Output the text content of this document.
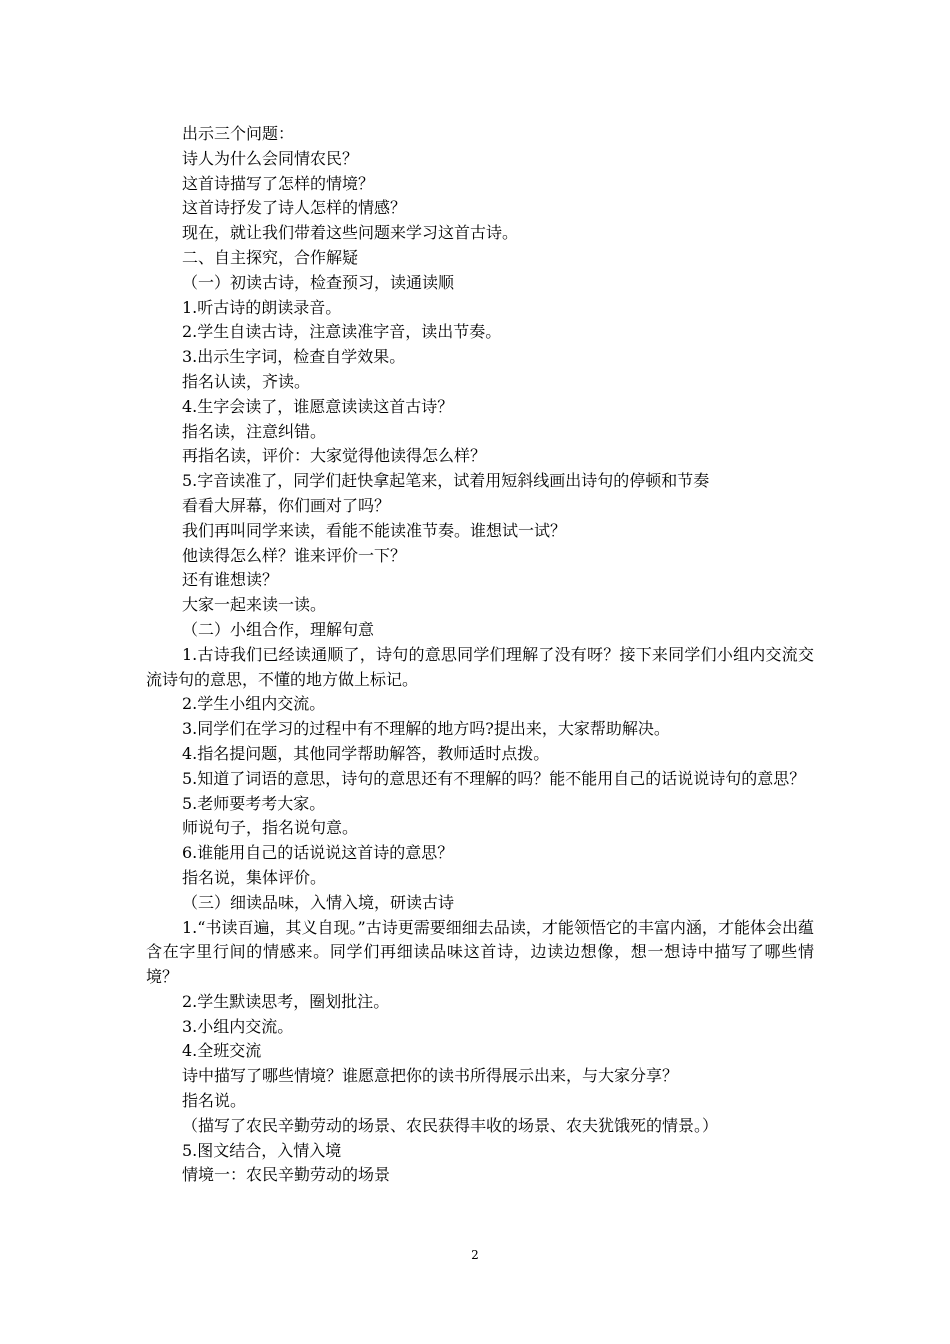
出示三个问题：
诗人为什么会同情农民？
这首诗描写了怎样的情境？
这首诗抒发了诗人怎样的情感？
现在，就让我们带着这些问题来学习这首古诗。
二、自主探究，合作解疑
（一）初读古诗，检查预习，读通读顺
1.听古诗的朗读录音。
2.学生自读古诗，注意读准字音，读出节奏。
3.出示生字词，检查自学效果。
指名认读，齐读。
4.生字会读了，谁愿意读读这首古诗？
指名读，注意纠错。
再指名读，评价：大家觉得他读得怎么样？
5.字音读准了，同学们赶快拿起笔来，试着用短斜线画出诗句的停顿和节奏
看看大屏幕，你们画对了吗？
我们再叫同学来读，看能不能读准节奏。谁想试一试？
他读得怎么样？谁来评价一下？
还有谁想读？
大家一起来读一读。
（二）小组合作，理解句意
1.古诗我们已经读通顺了，诗句的意思同学们理解了没有呀？接下来同学们小组内交流交流诗句的意思，不懂的地方做上标记。
2.学生小组内交流。
3.同学们在学习的过程中有不理解的地方吗?提出来，大家帮助解决。
4.指名提问题，其他同学帮助解答，教师适时点拨。
5.知道了词语的意思，诗句的意思还有不理解的吗？能不能用自己的话说说诗句的意思？
5.老师要考考大家。
师说句子，指名说句意。
6.谁能用自己的话说说这首诗的意思？
指名说，集体评价。
（三）细读品味，入情入境，研读古诗
1.“书读百遍，其义自现。”古诗更需要细细去品读，才能领悟它的丰富内涵，才能体会出蕴含在字里行间的情感来。同学们再细读品味这首诗，边读边想像，想一想诗中描写了哪些情境？
2.学生默读思考，圈划批注。
3.小组内交流。
4.全班交流
诗中描写了哪些情境？谁愿意把你的读书所得展示出来，与大家分享？
指名说。
（描写了农民辛勤劳动的场景、农民获得丰收的场景、农夫犹饿死的情景。）
5.图文结合，入情入境
情境一：农民辛勤劳动的场景
2
